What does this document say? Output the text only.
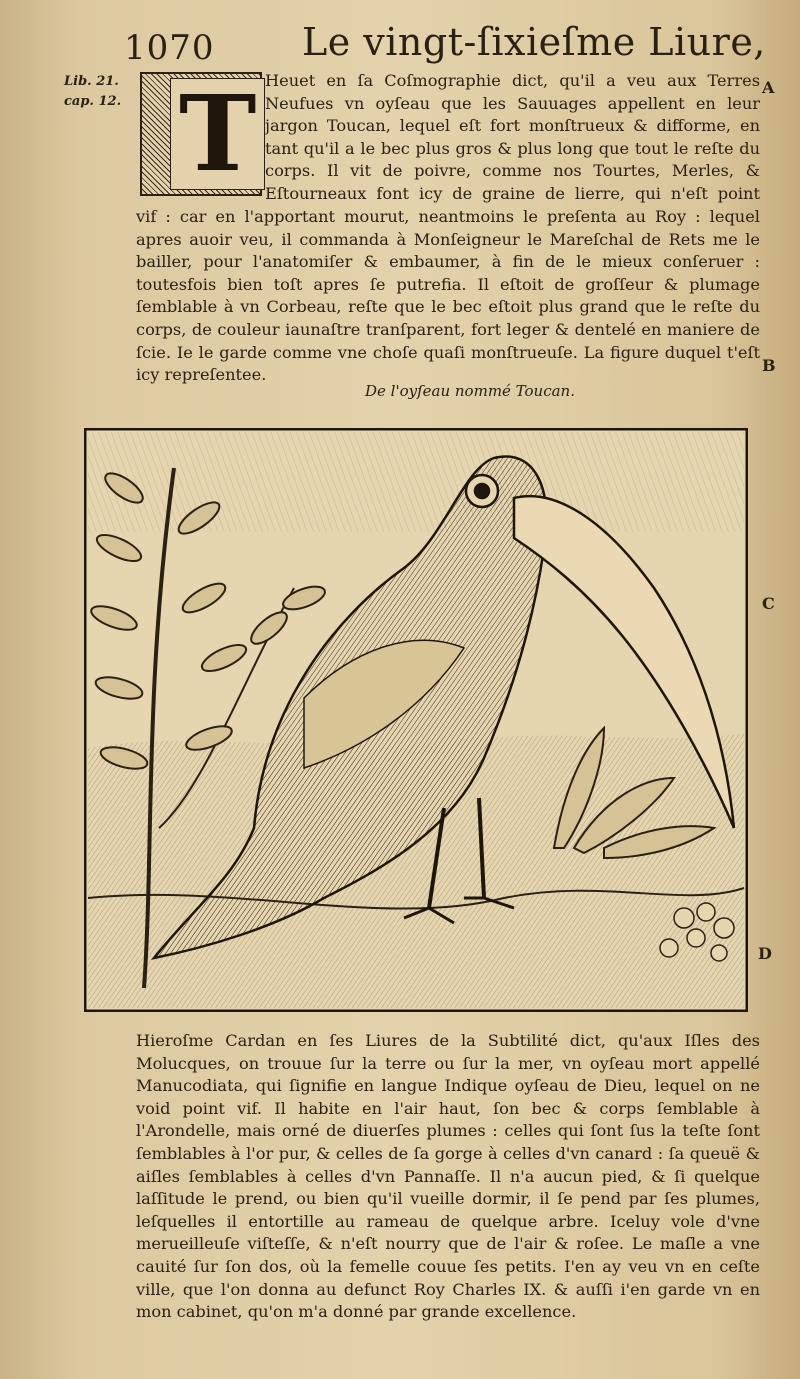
1070 Le vingt-ſixieſme Liure,
Lib. 21.
cap. 12.
A
B
C
D
T Heuet en ſa Coſmographie dict, qu'il a veu aux Terres Neufues vn oyſeau que les Sauuages appellent en leur jargon Toucan, lequel eſt fort monſtrueux & difforme, en tant qu'il a le bec plus gros & plus long que tout le reſte du corps. Il vit de poivre, comme nos Tourtes, Merles, & Eſtourneaux font icy de graine de lierre, qui n'eſt point

vif : car en l'apportant mourut, neantmoins le preſenta au Roy : lequel apres auoir veu, il commanda à Monſeigneur le Mareſchal de Rets me le bailler, pour l'anatomiſer & embaumer, à fin de le mieux conſeruer : toutesfois bien toſt apres ſe putrefia. Il eſtoit de groſſeur & plumage ſemblable à vn Corbeau, reſte que le bec eſtoit plus grand que le reſte du corps, de couleur iaunaſtre tranſparent, fort leger & dentelé en maniere de ſcie. Ie le garde comme vne choſe quaſi monſtrueuſe. La figure duquel t'eſt icy repreſentee.

De l'oyſeau nommé Toucan.

Hieroſme Cardan en ſes Liures de la Subtilité dict, qu'aux Iſles des Molucques, on trouue ſur la terre ou ſur la mer, vn oyſeau mort appellé Manucodiata, qui ſignifie en langue Indique oyſeau de Dieu, lequel on ne void point vif. Il habite en l'air haut, ſon bec & corps ſemblable à l'Arondelle, mais orné de diuerſes plumes : celles qui ſont ſus la teſte ſont ſemblables à l'or pur, & celles de ſa gorge à celles d'vn canard : ſa queuë & aiſles ſemblables à celles d'vn Pannaſſe. Il n'a aucun pied, & ſi quelque laſſitude le prend, ou bien qu'il vueille dormir, il ſe pend par ſes plumes, leſquelles il entortille au rameau de quelque arbre. Iceluy vole d'vne merueilleuſe viſteſſe, & n'eſt nourry que de l'air & roſee. Le maſle a vne cauité ſur ſon dos, où la femelle couue ſes petits. I'en ay veu vn en ceſte ville, que l'on donna au defunct Roy Charles IX. & auſſi i'en garde vn en mon cabinet, qu'on m'a donné par grande excellence.
